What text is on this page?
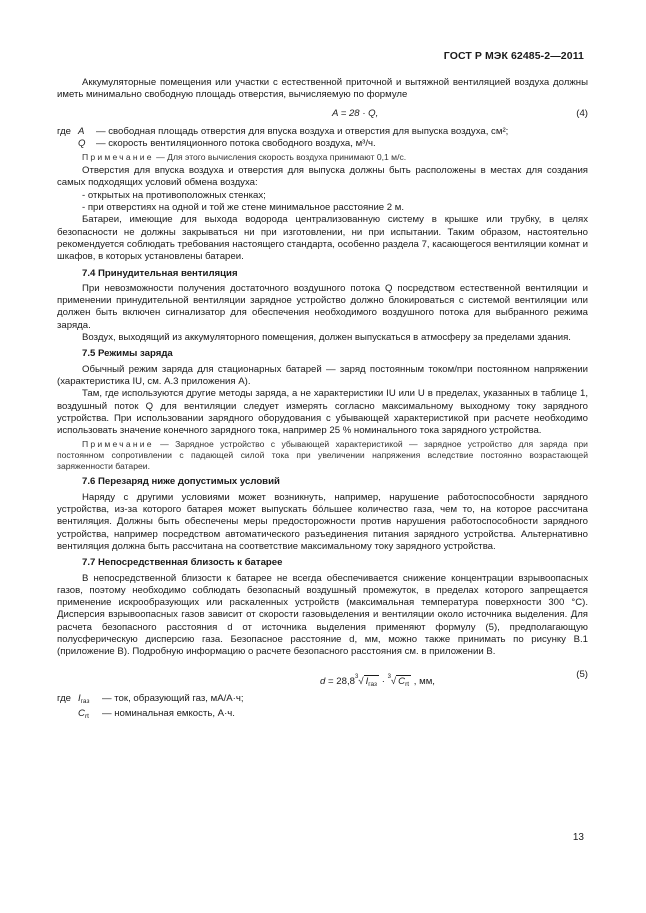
ГОСТ Р МЭК 62485-2—2011

Аккумуляторные помещения или участки с естественной приточной и вытяжной вентиляцией воздуха должны иметь минимально свободную площадь отверстия, вычисляемую по формуле

A = 28 · Q,	(4)
где A	— свободная площадь отверстия для впуска воздуха и отверстия для выпуска воздуха, см²;
Q	— скорость вентиляционного потока свободного воздуха, м³/ч.

Примечание — Для этого вычисления скорость воздуха принимают 0,1 м/с.

Отверстия для впуска воздуха и отверстия для выпуска должны быть расположены в местах для создания самых подходящих условий обмена воздуха:

- открытых на противоположных стенках;

- при отверстиях на одной и той же стене минимальное расстояние 2 м.

Батареи, имеющие для выхода водорода централизованную систему в крышке или трубку, в целях безопасности не должны закрываться ни при изготовлении, ни при испытании. Таким образом, настоятельно рекомендуется соблюдать требования настоящего стандарта, особенно раздела 7, касающегося вентиляции комнат и шкафов, в которых установлены батареи.

7.4 Принудительная вентиляция

При невозможности получения достаточного воздушного потока Q посредством естественной вентиляции и применении принудительной вентиляции зарядное устройство должно блокироваться с системой вентиляции или должен быть включен сигнализатор для обеспечения необходимого воздушного потока для выбранного режима заряда.

Воздух, выходящий из аккумуляторного помещения, должен выпускаться в атмосферу за пределами здания.

7.5 Режимы заряда

Обычный режим заряда для стационарных батарей — заряд постоянным током/при постоянном напряжении (характеристика IU, см. А.3 приложения А).

Там, где используются другие методы заряда, а не характеристики IU или U в пределах, указанных в таблице 1, воздушный поток Q для вентиляции следует измерять согласно максимальному выходному току зарядного устройства. При использовании зарядного оборудования с убывающей характеристикой при расчете необходимо использовать значение конечного зарядного тока, например 25 % номинального тока зарядного устройства.

Примечание — Зарядное устройство с убывающей характеристикой — зарядное устройство для заряда при постоянном сопротивлении с падающей силой тока при увеличении напряжения вследствие постоянно возрастающей заряженности батареи.

7.6 Перезаряд ниже допустимых условий

Наряду с другими условиями может возникнуть, например, нарушение работоспособности зарядного устройства, из-за которого батарея может выпускать бо́льшее количество газа, чем то, на которое рассчитана вентиляция. Должны быть обеспечены меры предосторожности против нарушения работоспособности зарядного устройства, например посредством автоматического разъединения питания зарядного устройства. Альтернативно вентиляция должна быть рассчитана на соответствие максимальному току зарядного устройства.

7.7 Непосредственная близость к батарее

В непосредственной близости к батарее не всегда обеспечивается снижение концентрации взрывоопасных газов, поэтому необходимо соблюдать безопасный воздушный промежуток, в пределах которого запрещается применение искрообразующих или раскаленных устройств (максимальная температура поверхности 300 °С). Дисперсия взрывоопасных газов зависит от скорости газовыделения и вентиляции около источника выделения. Для расчета безопасного расстояния d от источника выделения применяют формулу (5), предполагающую полусферическую дисперсию газа. Безопасное расстояние d, мм, можно также принимать по рисунку В.1 (приложение В). Подробную информацию о расчете безопасного расстояния см. в приложении В.

$d = 28,8^3√$ $I_{газ} \cdot ^3√$ $C_{rt}$ , мм,
(5)
где $I_{газ}$	— ток, образующий газ, мА/А·ч;
$C_{rt}$	— номинальная емкость, А·ч.
13
